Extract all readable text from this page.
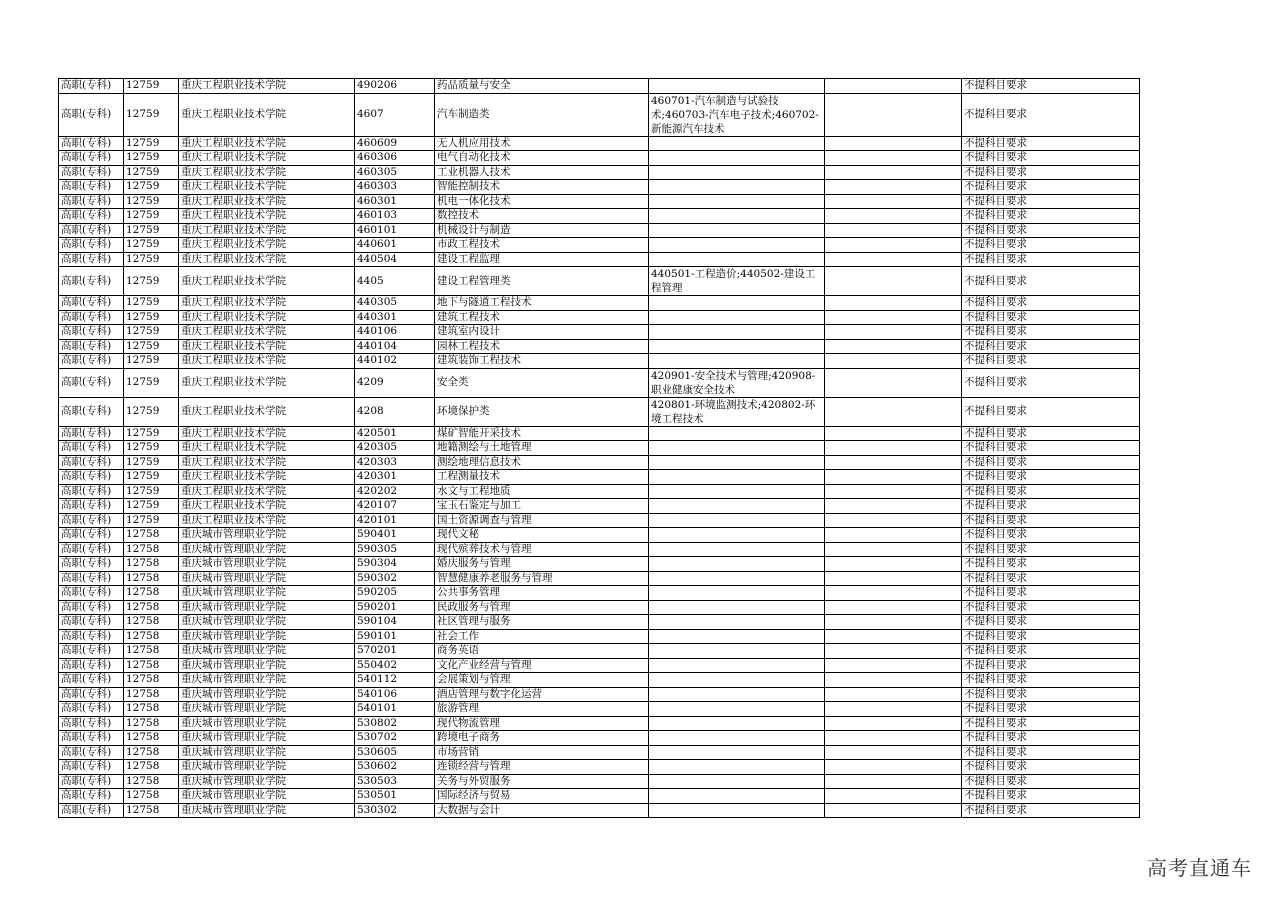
高职(专科)	12759	重庆工程职业技术学院	490206	药品质量与安全			不提科目要求
高职(专科)	12759	重庆工程职业技术学院	4607	汽车制造类	460701-汽车制造与试验技术;460703-汽车电子技术;460702-新能源汽车技术		不提科目要求
高职(专科)	12759	重庆工程职业技术学院	460609	无人机应用技术			不提科目要求
高职(专科)	12759	重庆工程职业技术学院	460306	电气自动化技术			不提科目要求
高职(专科)	12759	重庆工程职业技术学院	460305	工业机器人技术			不提科目要求
高职(专科)	12759	重庆工程职业技术学院	460303	智能控制技术			不提科目要求
高职(专科)	12759	重庆工程职业技术学院	460301	机电一体化技术			不提科目要求
高职(专科)	12759	重庆工程职业技术学院	460103	数控技术			不提科目要求
高职(专科)	12759	重庆工程职业技术学院	460101	机械设计与制造			不提科目要求
高职(专科)	12759	重庆工程职业技术学院	440601	市政工程技术			不提科目要求
高职(专科)	12759	重庆工程职业技术学院	440504	建设工程监理			不提科目要求
高职(专科)	12759	重庆工程职业技术学院	4405	建设工程管理类	440501-工程造价;440502-建设工程管理		不提科目要求
高职(专科)	12759	重庆工程职业技术学院	440305	地下与隧道工程技术			不提科目要求
高职(专科)	12759	重庆工程职业技术学院	440301	建筑工程技术			不提科目要求
高职(专科)	12759	重庆工程职业技术学院	440106	建筑室内设计			不提科目要求
高职(专科)	12759	重庆工程职业技术学院	440104	园林工程技术			不提科目要求
高职(专科)	12759	重庆工程职业技术学院	440102	建筑装饰工程技术			不提科目要求
高职(专科)	12759	重庆工程职业技术学院	4209	安全类	420901-安全技术与管理;420908-职业健康安全技术		不提科目要求
高职(专科)	12759	重庆工程职业技术学院	4208	环境保护类	420801-环境监测技术;420802-环境工程技术		不提科目要求
高职(专科)	12759	重庆工程职业技术学院	420501	煤矿智能开采技术			不提科目要求
高职(专科)	12759	重庆工程职业技术学院	420305	地籍测绘与土地管理			不提科目要求
高职(专科)	12759	重庆工程职业技术学院	420303	测绘地理信息技术			不提科目要求
高职(专科)	12759	重庆工程职业技术学院	420301	工程测量技术			不提科目要求
高职(专科)	12759	重庆工程职业技术学院	420202	水文与工程地质			不提科目要求
高职(专科)	12759	重庆工程职业技术学院	420107	宝玉石鉴定与加工			不提科目要求
高职(专科)	12759	重庆工程职业技术学院	420101	国土资源调查与管理			不提科目要求
高职(专科)	12758	重庆城市管理职业学院	590401	现代文秘			不提科目要求
高职(专科)	12758	重庆城市管理职业学院	590305	现代殡葬技术与管理			不提科目要求
高职(专科)	12758	重庆城市管理职业学院	590304	婚庆服务与管理			不提科目要求
高职(专科)	12758	重庆城市管理职业学院	590302	智慧健康养老服务与管理			不提科目要求
高职(专科)	12758	重庆城市管理职业学院	590205	公共事务管理			不提科目要求
高职(专科)	12758	重庆城市管理职业学院	590201	民政服务与管理			不提科目要求
高职(专科)	12758	重庆城市管理职业学院	590104	社区管理与服务			不提科目要求
高职(专科)	12758	重庆城市管理职业学院	590101	社会工作			不提科目要求
高职(专科)	12758	重庆城市管理职业学院	570201	商务英语			不提科目要求
高职(专科)	12758	重庆城市管理职业学院	550402	文化产业经营与管理			不提科目要求
高职(专科)	12758	重庆城市管理职业学院	540112	会展策划与管理			不提科目要求
高职(专科)	12758	重庆城市管理职业学院	540106	酒店管理与数字化运营			不提科目要求
高职(专科)	12758	重庆城市管理职业学院	540101	旅游管理			不提科目要求
高职(专科)	12758	重庆城市管理职业学院	530802	现代物流管理			不提科目要求
高职(专科)	12758	重庆城市管理职业学院	530702	跨境电子商务			不提科目要求
高职(专科)	12758	重庆城市管理职业学院	530605	市场营销			不提科目要求
高职(专科)	12758	重庆城市管理职业学院	530602	连锁经营与管理			不提科目要求
高职(专科)	12758	重庆城市管理职业学院	530503	关务与外贸服务			不提科目要求
高职(专科)	12758	重庆城市管理职业学院	530501	国际经济与贸易			不提科目要求
高职(专科)	12758	重庆城市管理职业学院	530302	大数据与会计			不提科目要求
高考直通车
